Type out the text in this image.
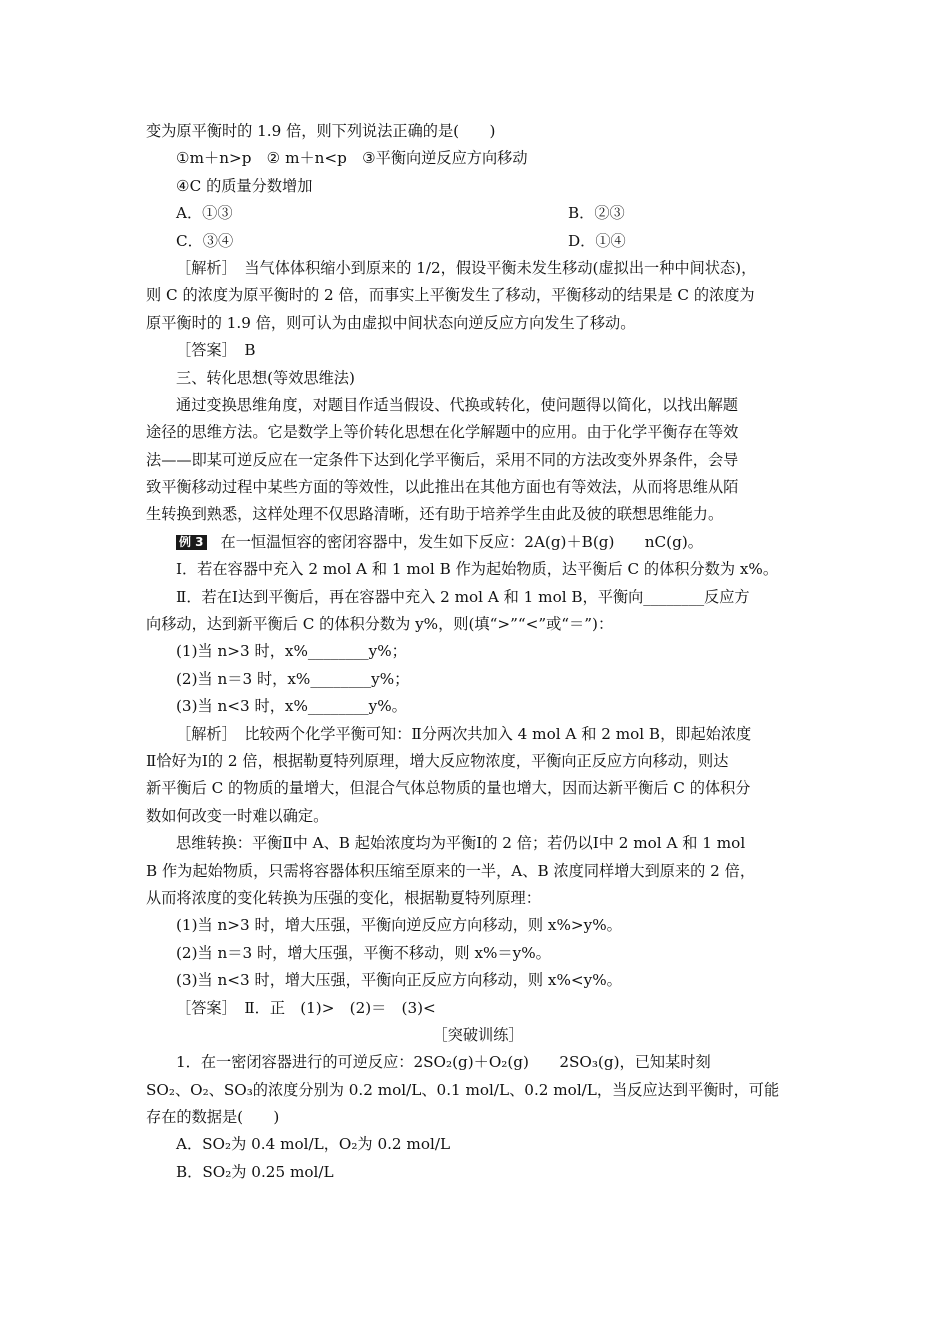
变为原平衡时的 1.9 倍，则下列说法正确的是(　　)
①m＋n>p　② m＋n<p　③平衡向逆反应方向移动
④C 的质量分数增加
A．①③	B．②③
C．③④	D．①④
［解析］　当气体体积缩小到原来的 1/2，假设平衡未发生移动(虚拟出一种中间状态)，
则 C 的浓度为原平衡时的 2 倍，而事实上平衡发生了移动，平衡移动的结果是 C 的浓度为
原平衡时的 1.9 倍，则可认为由虚拟中间状态向逆反应方向发生了移动。
［答案］　B
三、转化思想(等效思维法)
通过变换思维角度，对题目作适当假设、代换或转化，使问题得以简化，以找出解题
途径的思维方法。它是数学上等价转化思想在化学解题中的应用。由于化学平衡存在等效
法——即某可逆反应在一定条件下达到化学平衡后，采用不同的方法改变外界条件，会导
致平衡移动过程中某些方面的等效性，以此推出在其他方面也有等效法，从而将思维从陌
生转换到熟悉，这样处理不仅思路清晰，还有助于培养学生由此及彼的联想思维能力。
例 3 在一恒温恒容的密闭容器中，发生如下反应：2A(g)＋B(g)　　nC(g)。
Ⅰ．若在容器中充入 2 mol A 和 1 mol B 作为起始物质，达平衡后 C 的体积分数为 x%。
Ⅱ．若在Ⅰ达到平衡后，再在容器中充入 2 mol A 和 1 mol B，平衡向________反应方
向移动，达到新平衡后 C 的体积分数为 y%，则(填“>”“<”或“＝”)：
(1)当 n>3 时，x%________y%；
(2)当 n＝3 时，x%________y%；
(3)当 n<3 时，x%________y%。
［解析］　比较两个化学平衡可知：Ⅱ分两次共加入 4 mol A 和 2 mol B，即起始浓度
Ⅱ恰好为Ⅰ的 2 倍，根据勒夏特列原理，增大反应物浓度，平衡向正反应方向移动，则达
新平衡后 C 的物质的量增大，但混合气体总物质的量也增大，因而达新平衡后 C 的体积分
数如何改变一时难以确定。
思维转换：平衡Ⅱ中 A、B 起始浓度均为平衡Ⅰ的 2 倍；若仍以Ⅰ中 2 mol A 和 1 mol
B 作为起始物质，只需将容器体积压缩至原来的一半，A、B 浓度同样增大到原来的 2 倍，
从而将浓度的变化转换为压强的变化，根据勒夏特列原理：
(1)当 n>3 时，增大压强，平衡向逆反应方向移动，则 x%>y%。
(2)当 n＝3 时，增大压强，平衡不移动，则 x%＝y%。
(3)当 n<3 时，增大压强，平衡向正反应方向移动，则 x%<y%。
［答案］　Ⅱ．正　(1)>　(2)＝　(3)<
［突破训练］
1．在一密闭容器进行的可逆反应：2SO₂(g)＋O₂(g)　　2SO₃(g)，已知某时刻
SO₂、O₂、SO₃的浓度分别为 0.2 mol/L、0.1 mol/L、0.2 mol/L，当反应达到平衡时，可能
存在的数据是(　　)
A．SO₂为 0.4 mol/L，O₂为 0.2 mol/L
B．SO₂为 0.25 mol/L
